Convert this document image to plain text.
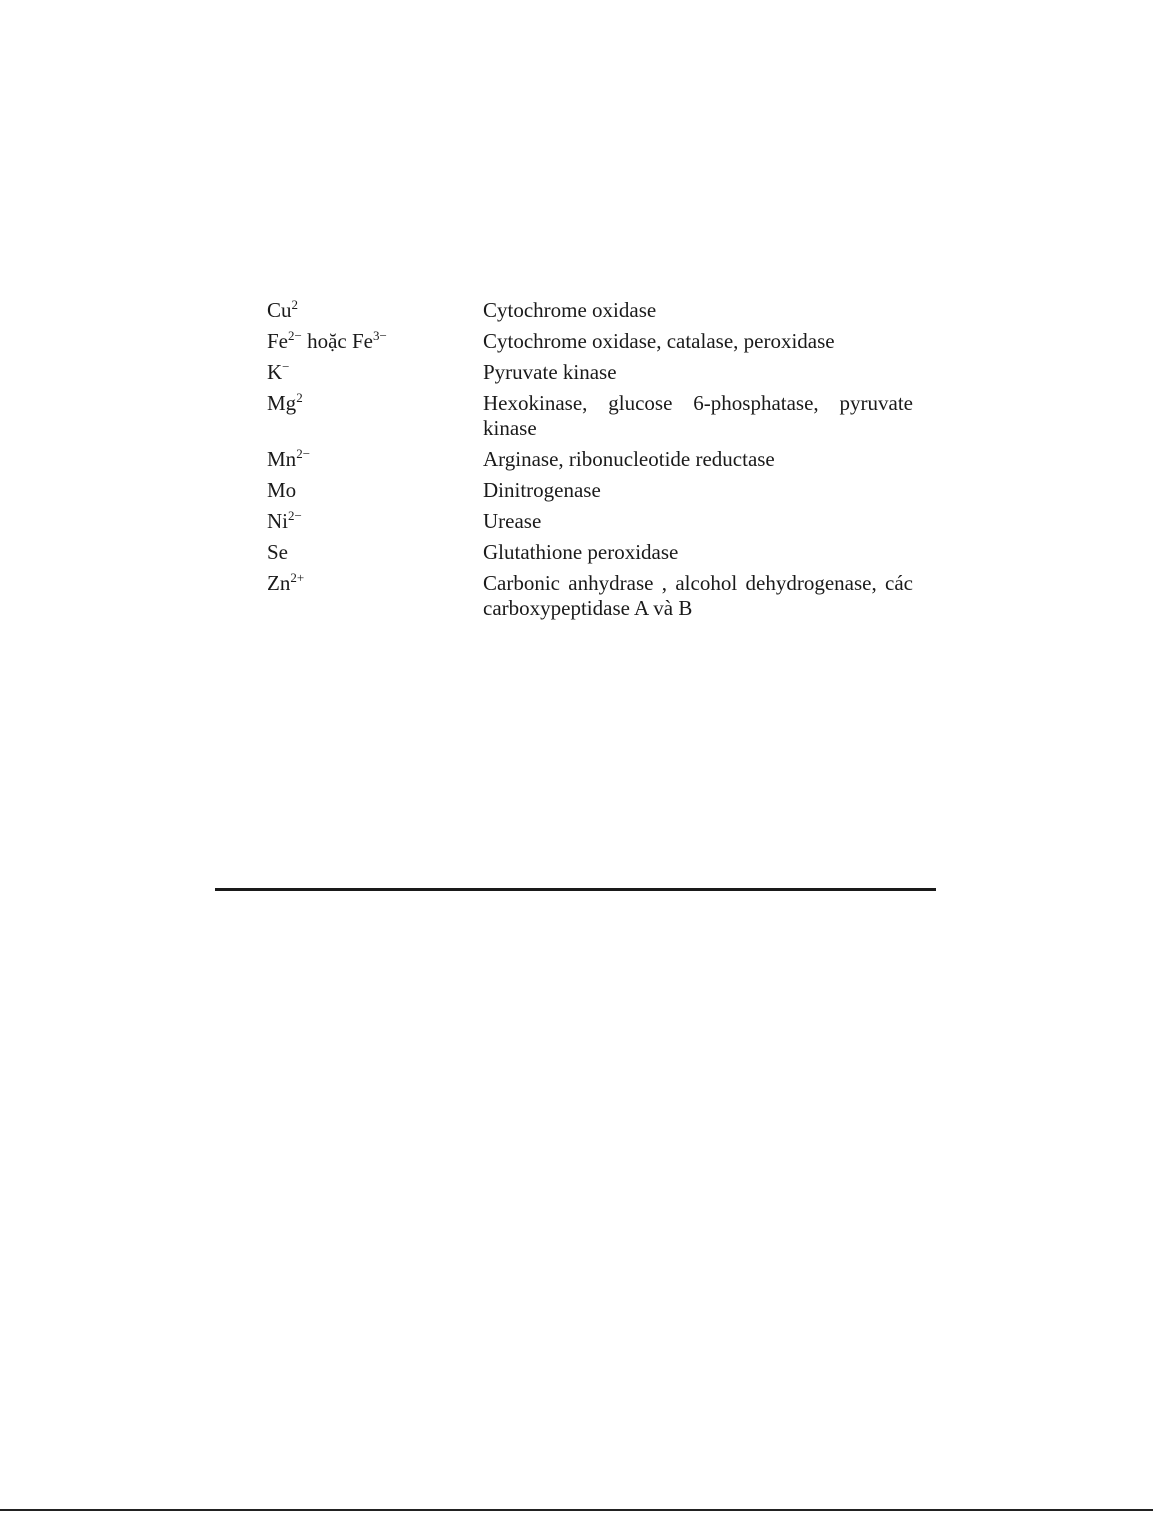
Cu$^2$	Cytochrome oxidase
$Fe^{2-}$ hoặc $Fe^{3-}$	Cytochrome oxidase, catalase, peroxidase
K−	Pyruvate kinase
Mg$^2$	Hexokinase, glucose 6-phosphatase, pyruvate kinase
$Mn^{2-}$	Arginase, ribonucleotide reductase
Mo	Dinitrogenase
$Ni^{2-}$	Urease
Se	Glutathione peroxidase
$Zn^{2+}$	Carbonic anhydrase , alcohol dehydrogenase, các carboxypeptidase A và B
